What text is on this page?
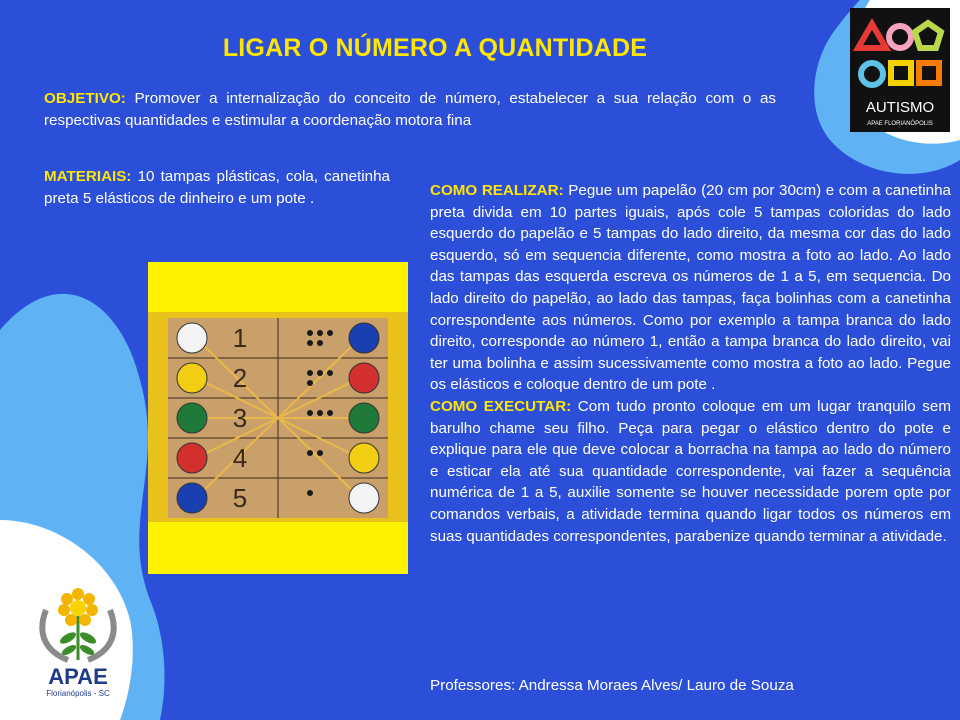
LIGAR O NÚMERO A QUANTIDADE
OBJETIVO: Promover a internalização do conceito de número, estabelecer a sua relação com o as respectivas quantidades e estimular a coordenação motora fina
MATERIAIS: 10 tampas plásticas, cola, canetinha preta 5 elásticos de dinheiro e um pote .	COMO REALIZAR: Pegue um papelão (20 cm por 30cm) e com a canetinha preta divida em 10 partes iguais, após cole 5 tampas coloridas do lado esquerdo do papelão e 5 tampas do lado direito, da mesma cor das do lado esquerdo, só em sequencia diferente, como mostra a foto ao lado. Ao lado das tampas das esquerda escreva os números de 1 a 5, em sequencia. Do lado direito do papelão, ao lado das tampas, faça bolinhas com a canetinha correspondente aos números. Como por exemplo a tampa branca do lado direito, corresponde ao número 1, então a tampa branca do lado direito, vai ter uma bolinha e assim sucessivamente como mostra a foto ao lado. Pegue os elásticos e coloque dentro de um pote .
COMO EXECUTAR: Com tudo pronto coloque em um lugar tranquilo sem barulho chame seu filho. Peça para pegar o elástico dentro do pote e explique para ele que deve colocar a borracha na tampa ao lado do número e esticar ela até sua quantidade correspondente, vai fazer a sequência numérica de 1 a 5, auxilie somente se houver necessidade porem opte por comandos verbais, a atividade termina quando ligar todos os números em suas quantidades correspondentes, parabenize quando terminar a atividade.
Professores: Andressa Moraes Alves/ Lauro de Souza
1
2
3
4
5
AUTISMO
APAE FLORIANÓPOLIS
APAE
Florianópolis - SC
